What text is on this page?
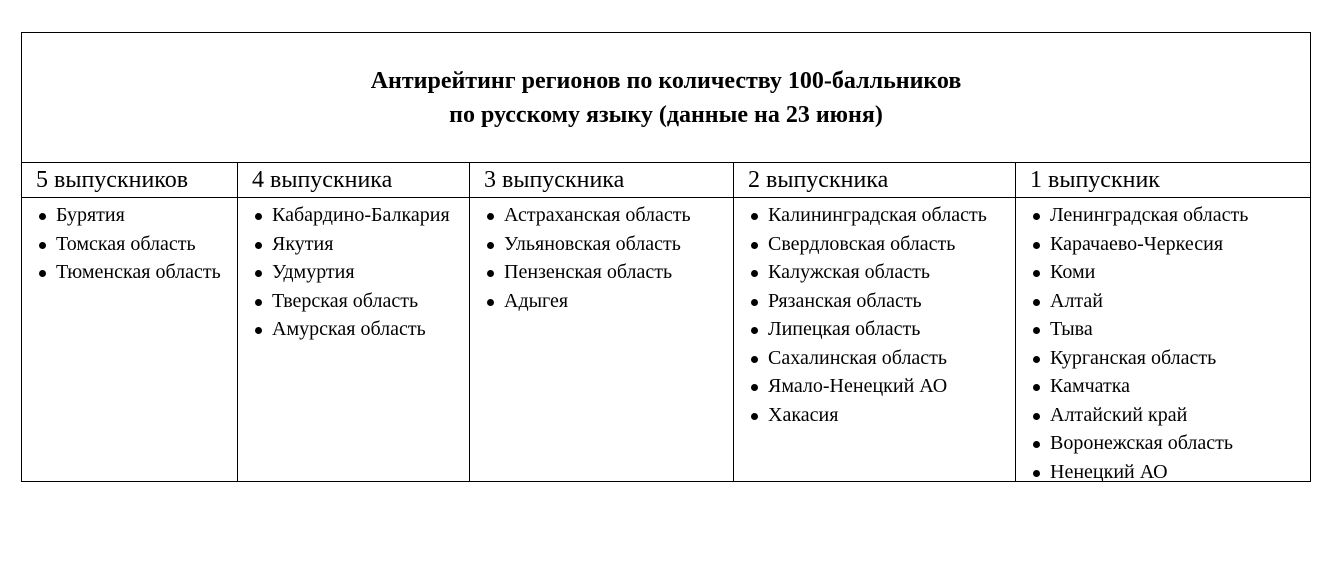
Антирейтинг регионов по количеству 100-балльников
по русскому языку (данные на 23 июня)
5 выпускников
Бурятия
Томская область
Тюменская область
4 выпускника
Кабардино-Балкария
Якутия
Удмуртия
Тверская область
Амурская область
3 выпускника
Астраханская область
Ульяновская область
Пензенская область
Адыгея
2 выпускника
Калининградская область
Свердловская область
Калужская область
Рязанская область
Липецкая область
Сахалинская область
Ямало-Ненецкий АО
Хакасия
1 выпускник
Ленинградская область
Карачаево-Черкесия
Коми
Алтай
Тыва
Курганская область
Камчатка
Алтайский край
Воронежская область
Ненецкий АО
